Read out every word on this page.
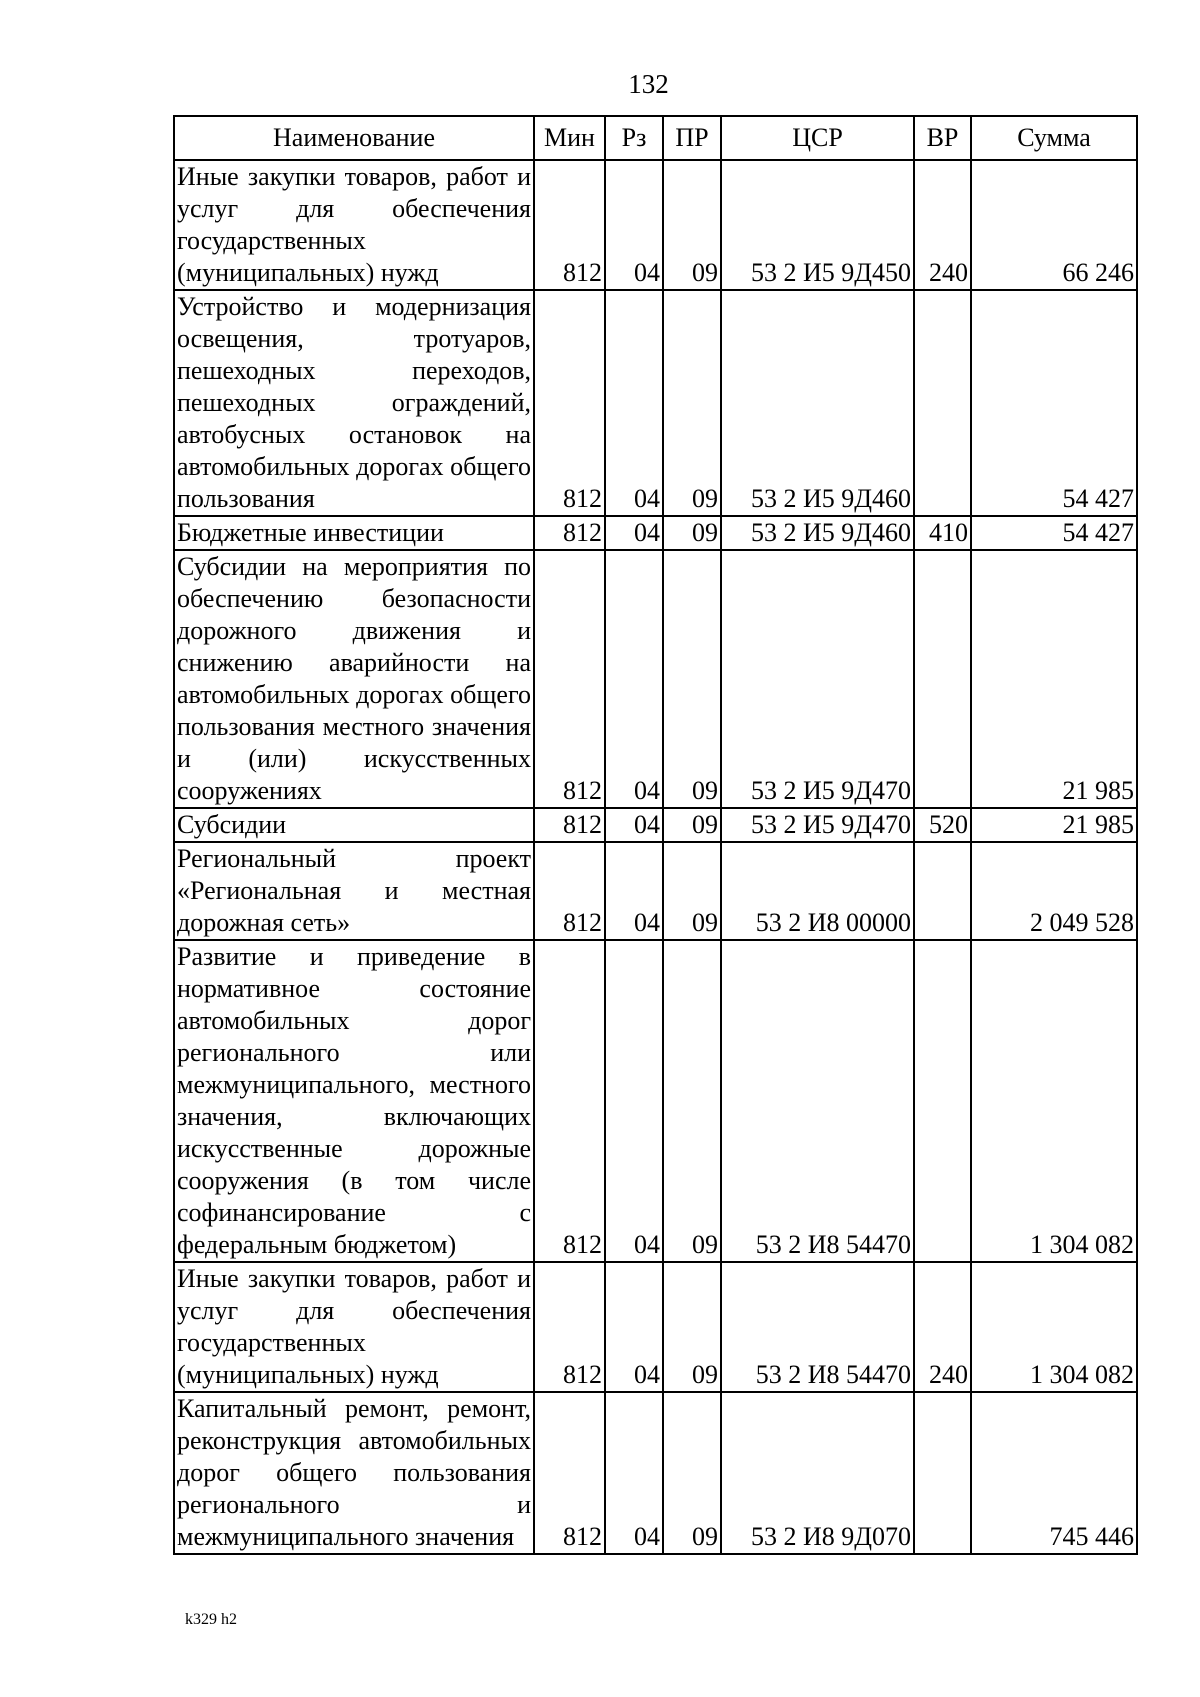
132
Наименование	Мин	Рз	ПР	ЦСР	ВР	Сумма
Иные закупки товаров, работ и услуг для обеспечения государственных (муниципальных) нужд	812	04	09	53 2 И5 9Д450	240	66 246
Устройство и модернизация освещения, тротуаров, пешеходных переходов, пешеходных ограждений, автобусных остановок на автомобильных дорогах общего пользования	812	04	09	53 2 И5 9Д460		54 427
Бюджетные инвестиции	812	04	09	53 2 И5 9Д460	410	54 427
Субсидии на мероприятия по обеспечению безопасности дорожного движения и снижению аварийности на автомобильных дорогах общего пользования местного значения и (или) искусственных сооружениях	812	04	09	53 2 И5 9Д470		21 985
Субсидии	812	04	09	53 2 И5 9Д470	520	21 985
Региональный проект «Региональная и местная дорожная сеть»	812	04	09	53 2 И8 00000		2 049 528
Развитие и приведение в нормативное состояние автомобильных дорог регионального или межмуниципального, местного значения, включающих искусственные дорожные сооружения (в том числе софинансирование с федеральным бюджетом)	812	04	09	53 2 И8 54470		1 304 082
Иные закупки товаров, работ и услуг для обеспечения государственных (муниципальных) нужд	812	04	09	53 2 И8 54470	240	1 304 082
Капитальный ремонт, ремонт, реконструкция автомобильных дорог общего пользования регионального и межмуниципального значения	812	04	09	53 2 И8 9Д070		745 446
k329 h2
